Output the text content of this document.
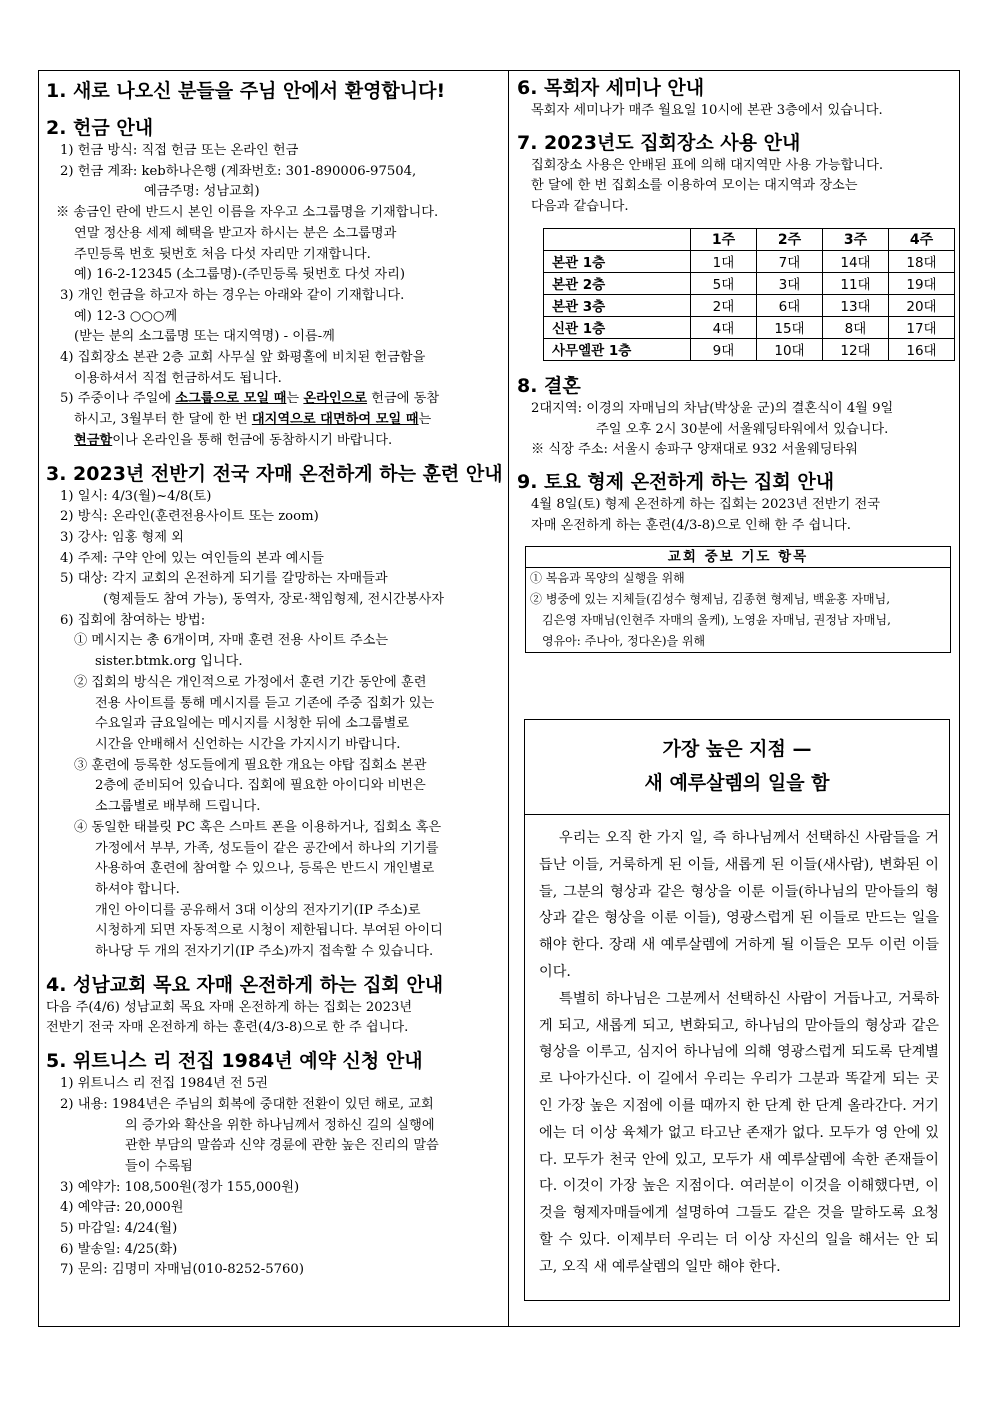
1. 새로 나오신 분들을 주님 안에서 환영합니다!
2. 헌금 안내
1) 헌금 방식: 직접 헌금 또는 온라인 헌금
2) 헌금 계좌: keb하나은행 (계좌번호: 301-890006-97504,
예금주명: 성남교회)
※ 송금인 란에 반드시 본인 이름을 자우고 소그룹명을 기재합니다.
연말 정산용 세제 혜택을 받고자 하시는 분은 소그룹명과
주민등록 번호 뒷번호 처음 다섯 자리만 기재합니다.
예) 16-2-12345 (소그룹명)-(주민등록 뒷번호 다섯 자리)
3) 개인 헌금을 하고자 하는 경우는 아래와 같이 기재합니다.
예) 12-3 ○○○께
(받는 분의 소그룹명 또는 대지역명) - 이름-께
4) 집회장소 본관 2층 교회 사무실 앞 화평홀에 비치된 헌금함을
이용하셔서 직접 헌금하셔도 됩니다.
5) 주중이나 주일에 소그룹으로 모일 때는 온라인으로 헌금에 동참
하시고, 3월부터 한 달에 한 번 대지역으로 대면하여 모일 때는
현금함이나 온라인을 통해 헌금에 동참하시기 바랍니다.
3. 2023년 전반기 전국 자매 온전하게 하는 훈련 안내
1) 일시: 4/3(월)~4/8(토)
2) 방식: 온라인(훈련전용사이트 또는 zoom)
3) 강사: 임홍 형제 외
4) 주제: 구약 안에 있는 여인들의 본과 예시들
5) 대상: 각지 교회의 온전하게 되기를 갈망하는 자매들과
(형제들도 참여 가능), 동역자, 장로·책임형제, 전시간봉사자
6) 집회에 참여하는 방법:
① 메시지는 총 6개이며, 자매 훈련 전용 사이트 주소는
sister.btmk.org 입니다.
② 집회의 방식은 개인적으로 가정에서 훈련 기간 동안에 훈련
전용 사이트를 통해 메시지를 듣고 기존에 주중 집회가 있는
수요일과 금요일에는 메시지를 시청한 뒤에 소그룹별로
시간을 안배해서 신언하는 시간을 가지시기 바랍니다.
③ 훈련에 등록한 성도들에게 필요한 개요는 야탑 집회소 본관
2층에 준비되어 있습니다. 집회에 필요한 아이디와 비번은
소그룹별로 배부해 드립니다.
④ 동일한 태블릿 PC 혹은 스마트 폰을 이용하거나, 집회소 혹은
가정에서 부부, 가족, 성도들이 같은 공간에서 하나의 기기를
사용하여 훈련에 참여할 수 있으나, 등록은 반드시 개인별로
하셔야 합니다.
개인 아이디를 공유해서 3대 이상의 전자기기(IP 주소)로
시청하게 되면 자동적으로 시청이 제한됩니다. 부여된 아이디
하나당 두 개의 전자기기(IP 주소)까지 접속할 수 있습니다.
4. 성남교회 목요 자매 온전하게 하는 집회 안내
다음 주(4/6) 성남교회 목요 자매 온전하게 하는 집회는 2023년
전반기 전국 자매 온전하게 하는 훈련(4/3-8)으로 한 주 쉽니다.
5. 위트니스 리 전집 1984년 예약 신청 안내
1) 위트니스 리 전집 1984년 전 5권
2) 내용: 1984년은 주님의 회복에 중대한 전환이 있던 해로, 교회
의 증가와 확산을 위한 하나님께서 정하신 길의 실행에
관한 부담의 말씀과 신약 경륜에 관한 높은 진리의 말씀
들이 수록됨
3) 예약가: 108,500원(정가 155,000원)
4) 예약금: 20,000원
5) 마감일: 4/24(월)
6) 발송일: 4/25(화)
7) 문의: 김명미 자매님(010-8252-5760)
6. 목회자 세미나 안내
목회자 세미나가 매주 월요일 10시에 본관 3층에서 있습니다.
7. 2023년도 집회장소 사용 안내
집회장소 사용은 안배된 표에 의해 대지역만 사용 가능합니다.
한 달에 한 번 집회소를 이용하여 모이는 대지역과 장소는
다음과 같습니다.
	1주	2주	3주	4주
본관 1층	1대	7대	14대	18대
본관 2층	5대	3대	11대	19대
본관 3층	2대	6대	13대	20대
신관 1층	4대	15대	8대	17대
사무엘관 1층	9대	10대	12대	16대
8. 결혼
2대지역: 이경의 자매님의 차남(박상윤 군)의 결혼식이 4월 9일
주일 오후 2시 30분에 서울웨딩타워에서 있습니다.
※ 식장 주소: 서울시 송파구 양재대로 932 서울웨딩타워
9. 토요 형제 온전하게 하는 집회 안내
4월 8일(토) 형제 온전하게 하는 집회는 2023년 전반기 전국
자매 온전하게 하는 훈련(4/3-8)으로 인해 한 주 쉽니다.
교회 중보 기도 항목
① 복음과 목양의 실행을 위해
② 병중에 있는 지체들(김성수 형제님, 김종현 형제님, 백윤홍 자매님,
김은영 자매님(인현주 자매의 올케), 노영윤 자매님, 권정남 자매님,
영유아: 주나아, 정다온)을 위해
가장 높은 지점 —
새 예루살렘의 일을 함

우리는 오직 한 가지 일, 즉 하나님께서 선택하신 사람들을 거듭난 이들, 거룩하게 된 이들, 새롭게 된 이들(새사람), 변화된 이들, 그분의 형상과 같은 형상을 이룬 이들(하나님의 맏아들의 형상과 같은 형상을 이룬 이들), 영광스럽게 된 이들로 만드는 일을 해야 한다. 장래 새 예루살렘에 거하게 될 이들은 모두 이런 이들이다.

특별히 하나님은 그분께서 선택하신 사람이 거듭나고, 거룩하게 되고, 새롭게 되고, 변화되고, 하나님의 맏아들의 형상과 같은 형상을 이루고, 심지어 하나님에 의해 영광스럽게 되도록 단계별로 나아가신다. 이 길에서 우리는 우리가 그분과 똑같게 되는 곳인 가장 높은 지점에 이를 때까지 한 단계 한 단계 올라간다. 거기에는 더 이상 육체가 없고 타고난 존재가 없다. 모두가 영 안에 있다. 모두가 천국 안에 있고, 모두가 새 예루살렘에 속한 존재들이다. 이것이 가장 높은 지점이다. 여러분이 이것을 이해했다면, 이것을 형제자매들에게 설명하여 그들도 같은 것을 말하도록 요청할 수 있다. 이제부터 우리는 더 이상 자신의 일을 해서는 안 되고, 오직 새 예루살렘의 일만 해야 한다.
